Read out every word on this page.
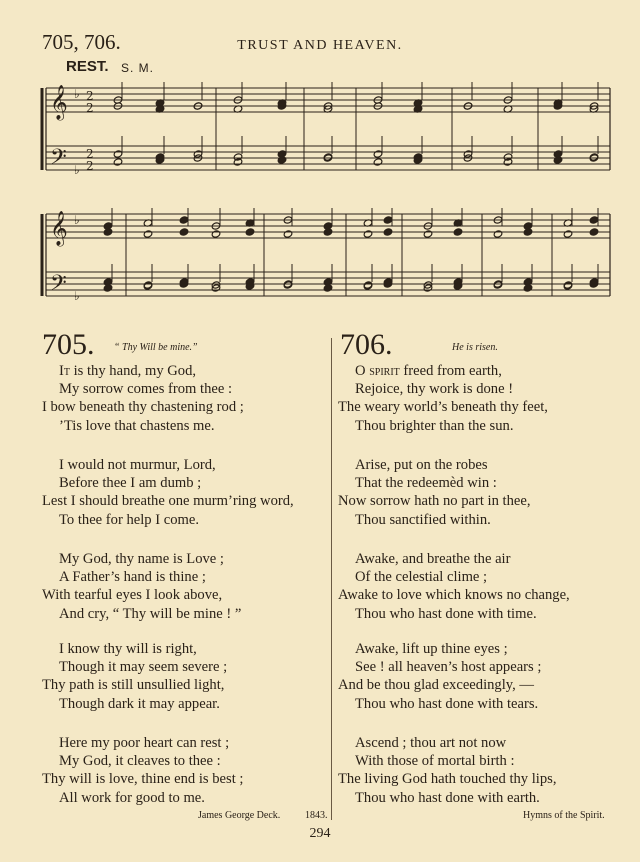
705, 706.	TRUST AND HEAVEN.
REST. S. M.
𝄞
𝄢
𝄞
𝄢
♭
♭
♭
♭
2
2
2
2
705. “ Thy Will be mine.”
It is thy hand, my God,
My sorrow comes from thee :
I bow beneath thy chastening rod ;
’Tis love that chastens me.
I would not murmur, Lord,
Before thee I am dumb ;
Lest I should breathe one murm’ring word,
To thee for help I come.
My God, thy name is Love ;
A Father’s hand is thine ;
With tearful eyes I look above,
And cry, “ Thy will be mine ! ”
I know thy will is right,
Though it may seem severe ;
Thy path is still unsullied light,
Though dark it may appear.
Here my poor heart can rest ;
My God, it cleaves to thee :
Thy will is love, thine end is best ;
All work for good to me.
James George Deck. 1843.
706.	He is risen.
O spirit freed from earth,
Rejoice, thy work is done !
The weary world’s beneath thy feet,
Thou brighter than the sun.
Arise, put on the robes
That the redeemèd win :
Now sorrow hath no part in thee,
Thou sanctified within.
Awake, and breathe the air
Of the celestial clime ;
Awake to love which knows no change,
Thou who hast done with time.
Awake, lift up thine eyes ;
See ! all heaven’s host appears ;
And be thou glad exceedingly, —
Thou who hast done with tears.
Ascend ; thou art not now
With those of mortal birth :
The living God hath touched thy lips,
Thou who hast done with earth.
Hymns of the Spirit.
294
